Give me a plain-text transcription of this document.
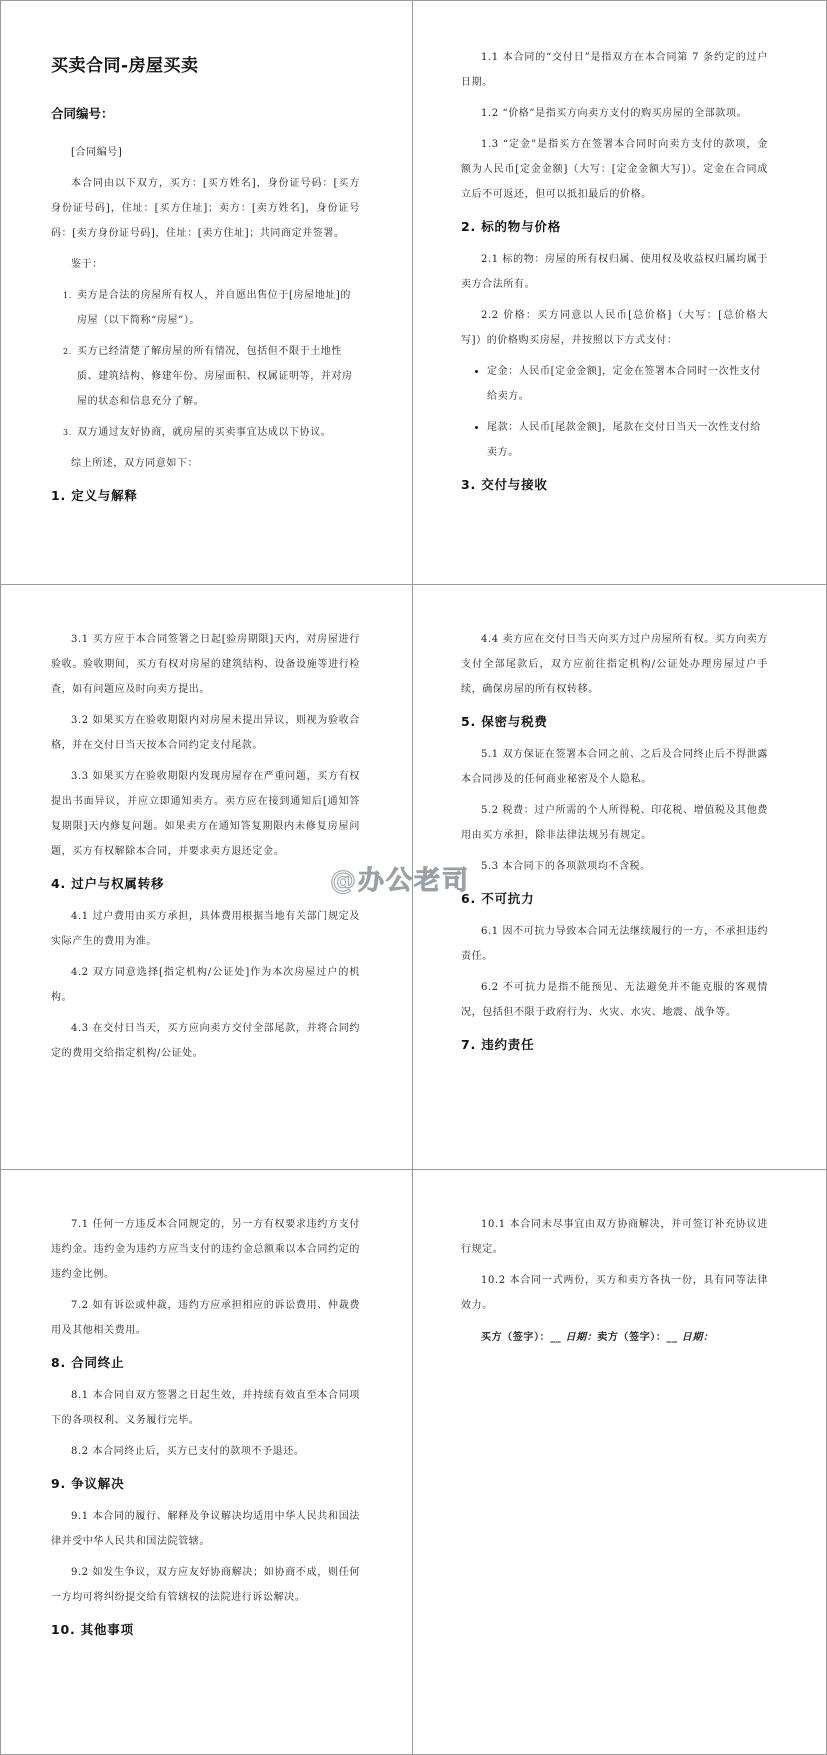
买卖合同-房屋买卖
合同编号：

[合同编号]

本合同由以下双方，买方：[买方姓名]，身份证号码：[买方身份证号码]，住址：[买方住址]；卖方：[卖方姓名]，身份证号码：[卖方身份证号码]，住址：[卖方住址]；共同商定并签署。

鉴于：

1. 卖方是合法的房屋所有权人，并自愿出售位于[房屋地址]的房屋（以下简称“房屋”）。
2. 买方已经清楚了解房屋的所有情况，包括但不限于土地性质、建筑结构、修建年份、房屋面积、权属证明等，并对房屋的状态和信息充分了解。
3. 双方通过友好协商，就房屋的买卖事宜达成以下协议。

综上所述，双方同意如下：

1. 定义与解释

1.1 本合同的“交付日”是指双方在本合同第 7 条约定的过户日期。

1.2 “价格”是指买方向卖方支付的购买房屋的全部款项。

1.3 “定金”是指买方在签署本合同时向卖方支付的款项，金额为人民币[定金金额]（大写：[定金金额大写]）。定金在合同成立后不可返还，但可以抵扣最后的价格。

2. 标的物与价格

2.1 标的物：房屋的所有权归属、使用权及收益权归属均属于卖方合法所有。

2.2 价格：买方同意以人民币[总价格]（大写：[总价格大写]）的价格购买房屋，并按照以下方式支付：

• 定金：人民币[定金金额]，定金在签署本合同时一次性支付给卖方。
• 尾款：人民币[尾款金额]，尾款在交付日当天一次性支付给卖方。
3. 交付与接收

3.1 买方应于本合同签署之日起[验房期限]天内，对房屋进行验收。验收期间，买方有权对房屋的建筑结构、设备设施等进行检查，如有问题应及时向卖方提出。

3.2 如果买方在验收期限内对房屋未提出异议，则视为验收合格，并在交付日当天按本合同约定支付尾款。

3.3 如果买方在验收期限内发现房屋存在严重问题，买方有权提出书面异议，并应立即通知卖方。卖方应在接到通知后[通知答复期限]天内修复问题。如果卖方在通知答复期限内未修复房屋问题，买方有权解除本合同，并要求卖方退还定金。

4. 过户与权属转移

4.1 过户费用由买方承担，具体费用根据当地有关部门规定及实际产生的费用为准。

4.2 双方同意选择[指定机构/公证处]作为本次房屋过户的机构。

4.3 在交付日当天，买方应向卖方交付全部尾款，并将合同约定的费用交给指定机构/公证处。

4.4 卖方应在交付日当天向买方过户房屋所有权。买方向卖方支付全部尾款后，双方应前往指定机构/公证处办理房屋过户手续，确保房屋的所有权转移。

5. 保密与税费

5.1 双方保证在签署本合同之前、之后及合同终止后不得泄露本合同涉及的任何商业秘密及个人隐私。

5.2 税费：过户所需的个人所得税、印花税、增值税及其他费用由买方承担，除非法律法规另有规定。

5.3 本合同下的各项款项均不含税。

6. 不可抗力

6.1 因不可抗力导致本合同无法继续履行的一方，不承担违约责任。

6.2 不可抗力是指不能预见、无法避免并不能克服的客观情况，包括但不限于政府行为、火灾、水灾、地震、战争等。

7. 违约责任

7.1 任何一方违反本合同规定的，另一方有权要求违约方支付违约金。违约金为违约方应当支付的违约金总额乘以本合同约定的违约金比例。

7.2 如有诉讼或仲裁，违约方应承担相应的诉讼费用、仲裁费用及其他相关费用。

8. 合同终止

8.1 本合同自双方签署之日起生效，并持续有效直至本合同项下的各项权利、义务履行完毕。

8.2 本合同终止后，买方已支付的款项不予退还。

9. 争议解决

9.1 本合同的履行、解释及争议解决均适用中华人民共和国法律并受中华人民共和国法院管辖。

9.2 如发生争议，双方应友好协商解决；如协商不成，则任何一方均可将纠纷提交给有管辖权的法院进行诉讼解决。

10. 其他事项

10.1 本合同未尽事宜由双方协商解决，并可签订补充协议进行规定。

10.2 本合同一式两份，买方和卖方各执一份，具有同等法律效力。

买方（签字）：__ 日期：卖方（签字）：__ 日期：
@办公老司
